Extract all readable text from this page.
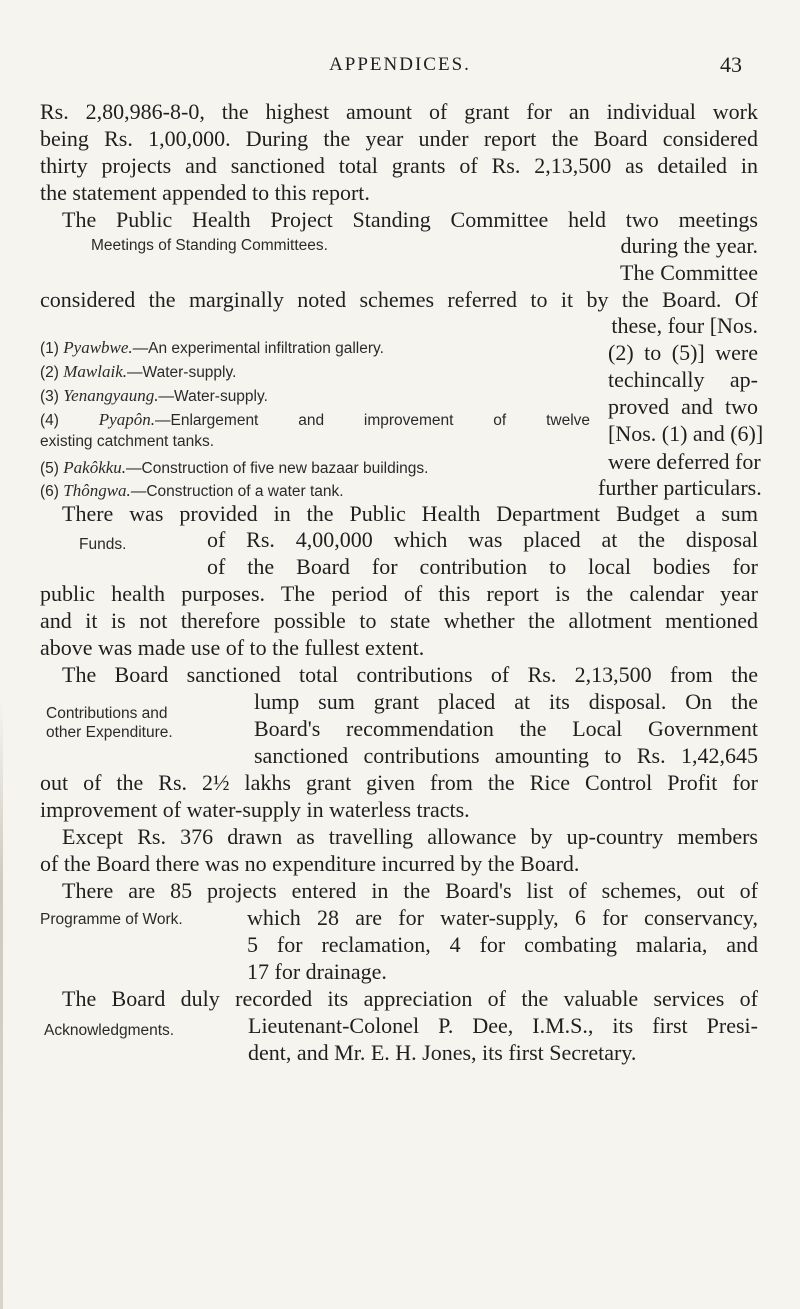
APPENDICES.	43
Rs. 2,80,986-8-0, the highest amount of grant for an individual work
being Rs. 1,00,000. During the year under report the Board considered
thirty projects and sanctioned total grants of Rs. 2,13,500 as detailed in
the statement appended to this report.
The Public Health Project Standing Committee held two meetings
Meetings of Standing Committees.	during the year.
The Committee
considered the marginally noted schemes referred to it by the Board. Of
(1) Pyawbwe.—An experimental infiltration gallery.
(2) Mawlaik.—Water-supply.
(3) Yenangyaung.—Water-supply.
(4) Pyapôn.—Enlargement and improvement of twelve
existing catchment tanks.
(5) Pakôkku.—Construction of five new bazaar buildings.
(6) Thôngwa.—Construction of a water tank.
these, four [Nos.
(2) to (5)] were
techincally ap-
proved and two
[Nos. (1) and (6)]
were deferred for
further particulars.
There was provided in the Public Health Department Budget a sum
Funds.	of Rs. 4,00,000 which was placed at the disposal
of the Board for contribution to local bodies for
public health purposes. The period of this report is the calendar year
and it is not therefore possible to state whether the allotment mentioned
above was made use of to the fullest extent.
The Board sanctioned total contributions of Rs. 2,13,500 from the
Contributions and
other Expenditure.
lump sum grant placed at its disposal. On the
Board's recommendation the Local Government
sanctioned contributions amounting to Rs. 1,42,645
out of the Rs. 2½ lakhs grant given from the Rice Control Profit for
improvement of water-supply in waterless tracts.
Except Rs. 376 drawn as travelling allowance by up-country members
of the Board there was no expenditure incurred by the Board.
There are 85 projects entered in the Board's list of schemes, out of
Programme of Work.	which 28 are for water-supply, 6 for conservancy,
5 for reclamation, 4 for combating malaria, and
17 for drainage.
The Board duly recorded its appreciation of the valuable services of
Acknowledgments.	Lieutenant-Colonel P. Dee, I.M.S., its first Presi-
dent, and Mr. E. H. Jones, its first Secretary.
